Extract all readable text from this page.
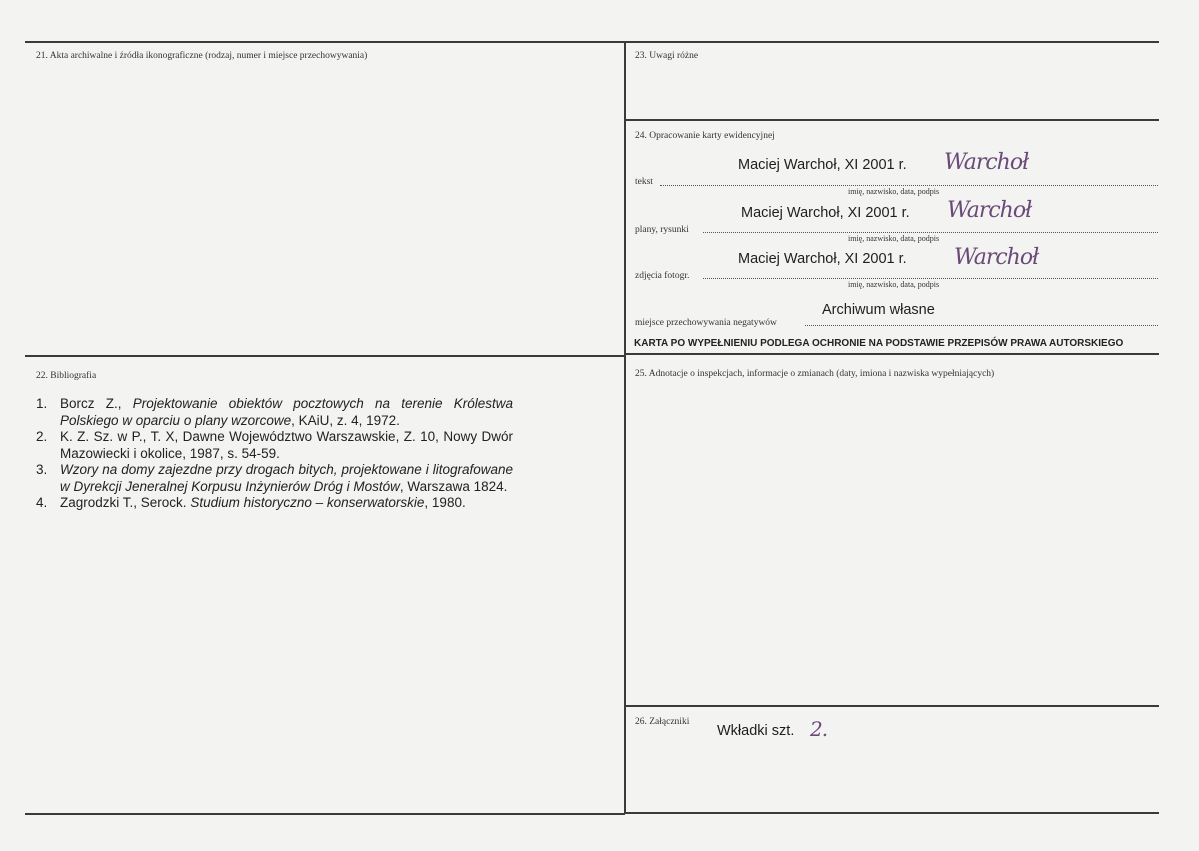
21. Akta archiwalne i źródła ikonograficzne (rodzaj, numer i miejsce przechowywania)	23. Uwagi różne
24. Opracowanie karty ewidencyjnej
Maciej Warchoł, XI 2001 r. Warchoł
tekst
imię, nazwisko, data, podpis
Maciej Warchoł, XI 2001 r. Warchoł
plany, rysunki
imię, nazwisko, data, podpis
Maciej Warchoł, XI 2001 r. Warchoł
zdjęcia fotogr.
imię, nazwisko, data, podpis
Archiwum własne
miejsce przechowywania negatywów
KARTA PO WYPEŁNIENIU PODLEGA OCHRONIE NA PODSTAWIE PRZEPISÓW PRAWA AUTORSKIEGO
22. Bibliografia
1. Borcz Z., Projektowanie obiektów pocztowych na terenie Królestwa Polskiego w oparciu o plany wzorcowe, KAiU, z. 4, 1972.
2. K. Z. Sz. w P., T. X, Dawne Województwo Warszawskie, Z. 10, Nowy Dwór Mazowiecki i okolice, 1987, s. 54-59.
3. Wzory na domy zajezdne przy drogach bitych, projektowane i litografowane w Dyrekcji Jeneralnej Korpusu Inżynierów Dróg i Mostów, Warszawa 1824.
4. Zagrodzki T., Serock. Studium historyczno – konserwatorskie, 1980.
25. Adnotacje o inspekcjach, informacje o zmianach (daty, imiona i nazwiska wypełniających)
26. Załączniki
Wkładki szt. 2.
